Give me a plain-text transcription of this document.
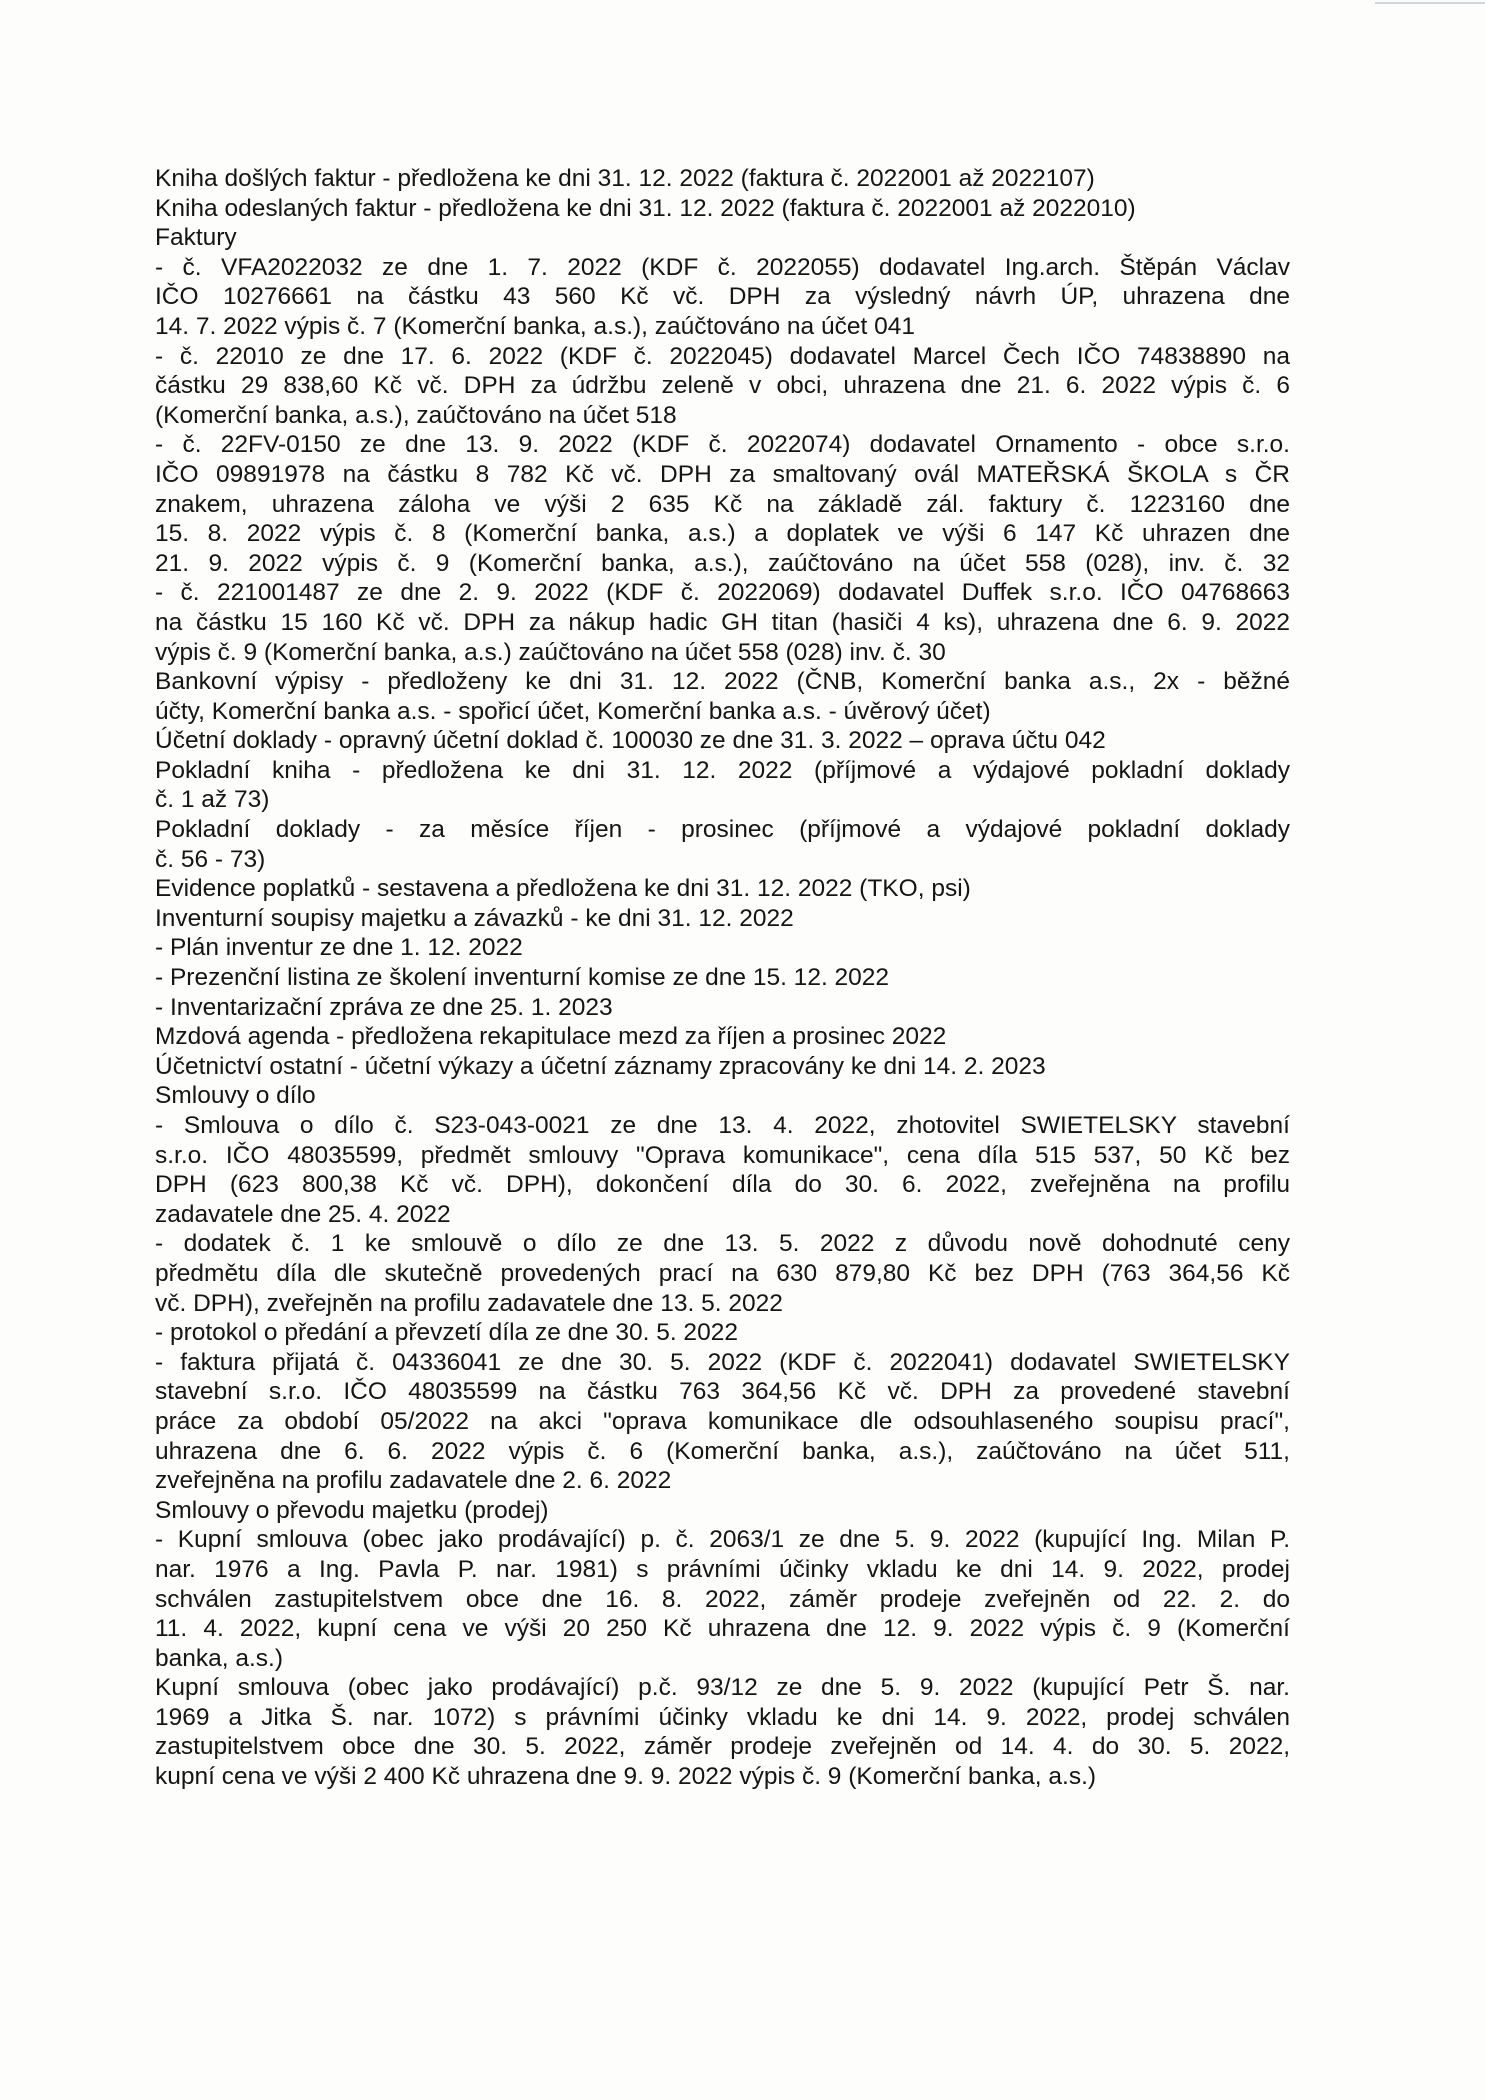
Kniha došlých faktur - předložena ke dni 31. 12. 2022 (faktura č. 2022001 až 2022107)
Kniha odeslaných faktur - předložena ke dni 31. 12. 2022 (faktura č. 2022001 až 2022010)
Faktury
- č. VFA2022032 ze dne 1. 7. 2022 (KDF č. 2022055) dodavatel Ing.arch. Štěpán Václav
IČO 10276661 na částku 43 560 Kč vč. DPH za výsledný návrh ÚP, uhrazena dne
14. 7. 2022 výpis č. 7 (Komerční banka, a.s.), zaúčtováno na účet 041
- č. 22010 ze dne 17. 6. 2022 (KDF č. 2022045) dodavatel Marcel Čech IČO 74838890 na
částku 29 838,60 Kč vč. DPH za údržbu zeleně v obci, uhrazena dne 21. 6. 2022 výpis č. 6
(Komerční banka, a.s.), zaúčtováno na účet 518
- č. 22FV-0150 ze dne 13. 9. 2022 (KDF č. 2022074) dodavatel Ornamento - obce s.r.o.
IČO 09891978 na částku 8 782 Kč vč. DPH za smaltovaný ovál MATEŘSKÁ ŠKOLA s ČR
znakem, uhrazena záloha ve výši 2 635 Kč na základě zál. faktury č. 1223160 dne
15. 8. 2022 výpis č. 8 (Komerční banka, a.s.) a doplatek ve výši 6 147 Kč uhrazen dne
21. 9. 2022 výpis č. 9 (Komerční banka, a.s.), zaúčtováno na účet 558 (028), inv. č. 32
- č. 221001487 ze dne 2. 9. 2022 (KDF č. 2022069) dodavatel Duffek s.r.o. IČO 04768663
na částku 15 160 Kč vč. DPH za nákup hadic GH titan (hasiči 4 ks), uhrazena dne 6. 9. 2022
výpis č. 9 (Komerční banka, a.s.) zaúčtováno na účet 558 (028) inv. č. 30
Bankovní výpisy - předloženy ke dni 31. 12. 2022 (ČNB, Komerční banka a.s., 2x - běžné
účty, Komerční banka a.s. - spořicí účet, Komerční banka a.s. - úvěrový účet)
Účetní doklady - opravný účetní doklad č. 100030 ze dne 31. 3. 2022 – oprava účtu 042
Pokladní kniha - předložena ke dni 31. 12. 2022 (příjmové a výdajové pokladní doklady
č. 1 až 73)
Pokladní doklady - za měsíce říjen - prosinec (příjmové a výdajové pokladní doklady
č. 56 - 73)
Evidence poplatků - sestavena a předložena ke dni 31. 12. 2022 (TKO, psi)
Inventurní soupisy majetku a závazků - ke dni 31. 12. 2022
- Plán inventur ze dne 1. 12. 2022
- Prezenční listina ze školení inventurní komise ze dne 15. 12. 2022
- Inventarizační zpráva ze dne 25. 1. 2023
Mzdová agenda - předložena rekapitulace mezd za říjen a prosinec 2022
Účetnictví ostatní - účetní výkazy a účetní záznamy zpracovány ke dni 14. 2. 2023
Smlouvy o dílo
- Smlouva o dílo č. S23-043-0021 ze dne 13. 4. 2022, zhotovitel SWIETELSKY stavební
s.r.o. IČO 48035599, předmět smlouvy "Oprava komunikace", cena díla 515 537, 50 Kč bez
DPH (623 800,38 Kč vč. DPH), dokončení díla do 30. 6. 2022, zveřejněna na profilu
zadavatele dne 25. 4. 2022
- dodatek č. 1 ke smlouvě o dílo ze dne 13. 5. 2022 z důvodu nově dohodnuté ceny
předmětu díla dle skutečně provedených prací na 630 879,80 Kč bez DPH (763 364,56 Kč
vč. DPH), zveřejněn na profilu zadavatele dne 13. 5. 2022
- protokol o předání a převzetí díla ze dne 30. 5. 2022
- faktura přijatá č. 04336041 ze dne 30. 5. 2022 (KDF č. 2022041) dodavatel SWIETELSKY
stavební s.r.o. IČO 48035599 na částku 763 364,56 Kč vč. DPH za provedené stavební
práce za období 05/2022 na akci "oprava komunikace dle odsouhlaseného soupisu prací",
uhrazena dne 6. 6. 2022 výpis č. 6 (Komerční banka, a.s.), zaúčtováno na účet 511,
zveřejněna na profilu zadavatele dne 2. 6. 2022
Smlouvy o převodu majetku (prodej)
- Kupní smlouva (obec jako prodávající) p. č. 2063/1 ze dne 5. 9. 2022 (kupující Ing. Milan P.
nar. 1976 a Ing. Pavla P. nar. 1981) s právními účinky vkladu ke dni 14. 9. 2022, prodej
schválen zastupitelstvem obce dne 16. 8. 2022, záměr prodeje zveřejněn od 22. 2. do
11. 4. 2022, kupní cena ve výši 20 250 Kč uhrazena dne 12. 9. 2022 výpis č. 9 (Komerční
banka, a.s.)
Kupní smlouva (obec jako prodávající) p.č. 93/12 ze dne 5. 9. 2022 (kupující Petr Š. nar.
1969 a Jitka Š. nar. 1072) s právními účinky vkladu ke dni 14. 9. 2022, prodej schválen
zastupitelstvem obce dne 30. 5. 2022, záměr prodeje zveřejněn od 14. 4. do 30. 5. 2022,
kupní cena ve výši 2 400 Kč uhrazena dne 9. 9. 2022 výpis č. 9 (Komerční banka, a.s.)
